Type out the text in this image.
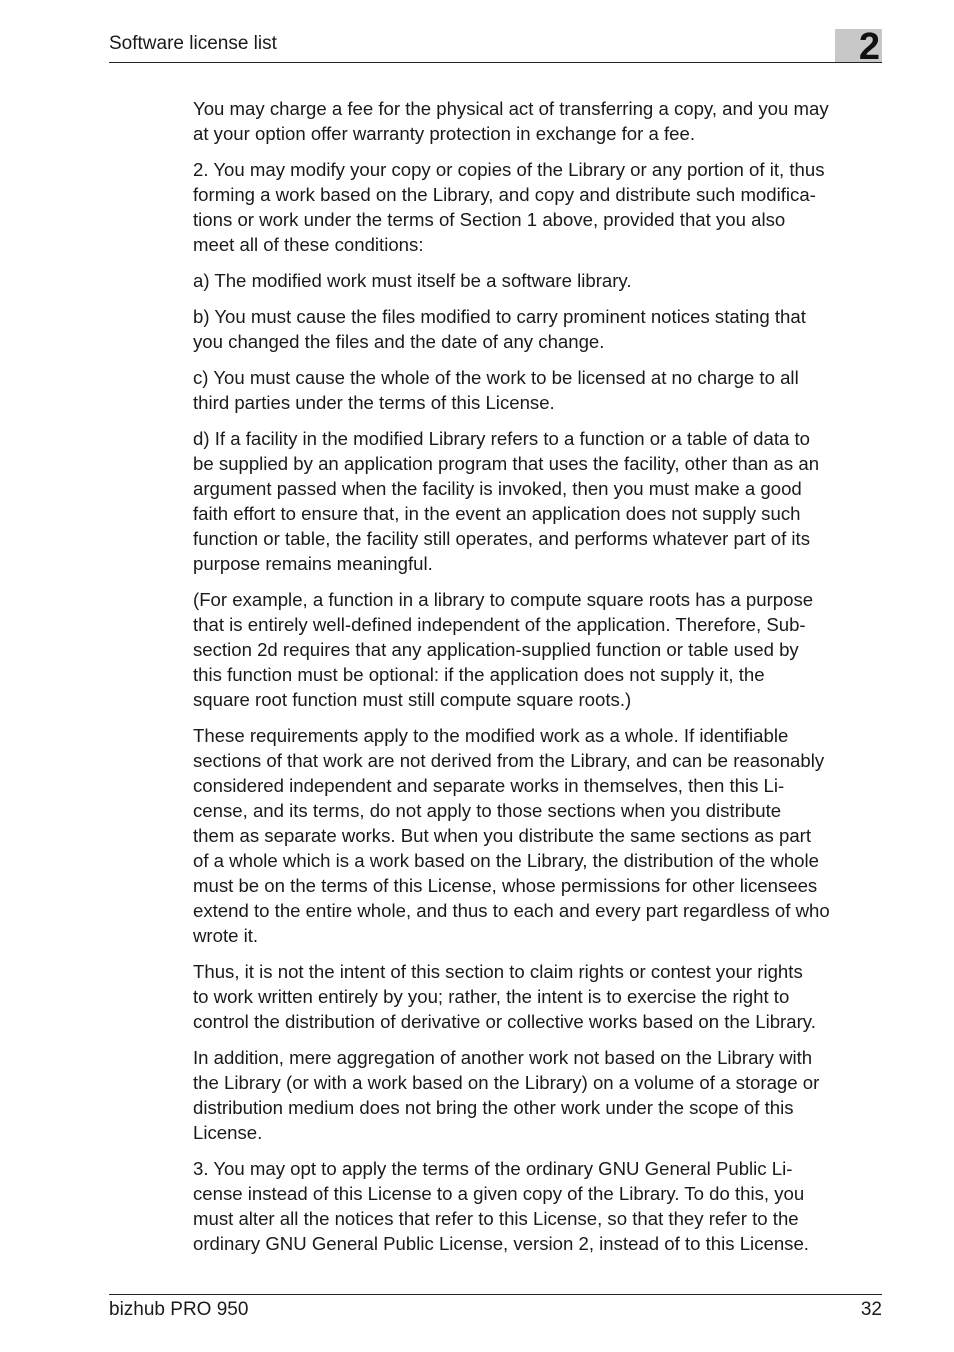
Software license list	2

You may charge a fee for the physical act of transferring a copy, and you may
at your option offer warranty protection in exchange for a fee.

2. You may modify your copy or copies of the Library or any portion of it, thus
forming a work based on the Library, and copy and distribute such modifica-
tions or work under the terms of Section 1 above, provided that you also
meet all of these conditions:

a) The modified work must itself be a software library.

b) You must cause the files modified to carry prominent notices stating that
you changed the files and the date of any change.

c) You must cause the whole of the work to be licensed at no charge to all
third parties under the terms of this License.

d) If a facility in the modified Library refers to a function or a table of data to
be supplied by an application program that uses the facility, other than as an
argument passed when the facility is invoked, then you must make a good
faith effort to ensure that, in the event an application does not supply such
function or table, the facility still operates, and performs whatever part of its
purpose remains meaningful.

(For example, a function in a library to compute square roots has a purpose
that is entirely well-defined independent of the application. Therefore, Sub-
section 2d requires that any application-supplied function or table used by
this function must be optional: if the application does not supply it, the
square root function must still compute square roots.)

These requirements apply to the modified work as a whole. If identifiable
sections of that work are not derived from the Library, and can be reasonably
considered independent and separate works in themselves, then this Li-
cense, and its terms, do not apply to those sections when you distribute
them as separate works. But when you distribute the same sections as part
of a whole which is a work based on the Library, the distribution of the whole
must be on the terms of this License, whose permissions for other licensees
extend to the entire whole, and thus to each and every part regardless of who
wrote it.

Thus, it is not the intent of this section to claim rights or contest your rights
to work written entirely by you; rather, the intent is to exercise the right to
control the distribution of derivative or collective works based on the Library.

In addition, mere aggregation of another work not based on the Library with
the Library (or with a work based on the Library) on a volume of a storage or
distribution medium does not bring the other work under the scope of this
License.

3. You may opt to apply the terms of the ordinary GNU General Public Li-
cense instead of this License to a given copy of the Library. To do this, you
must alter all the notices that refer to this License, so that they refer to the
ordinary GNU General Public License, version 2, instead of to this License.

bizhub PRO 950	32
